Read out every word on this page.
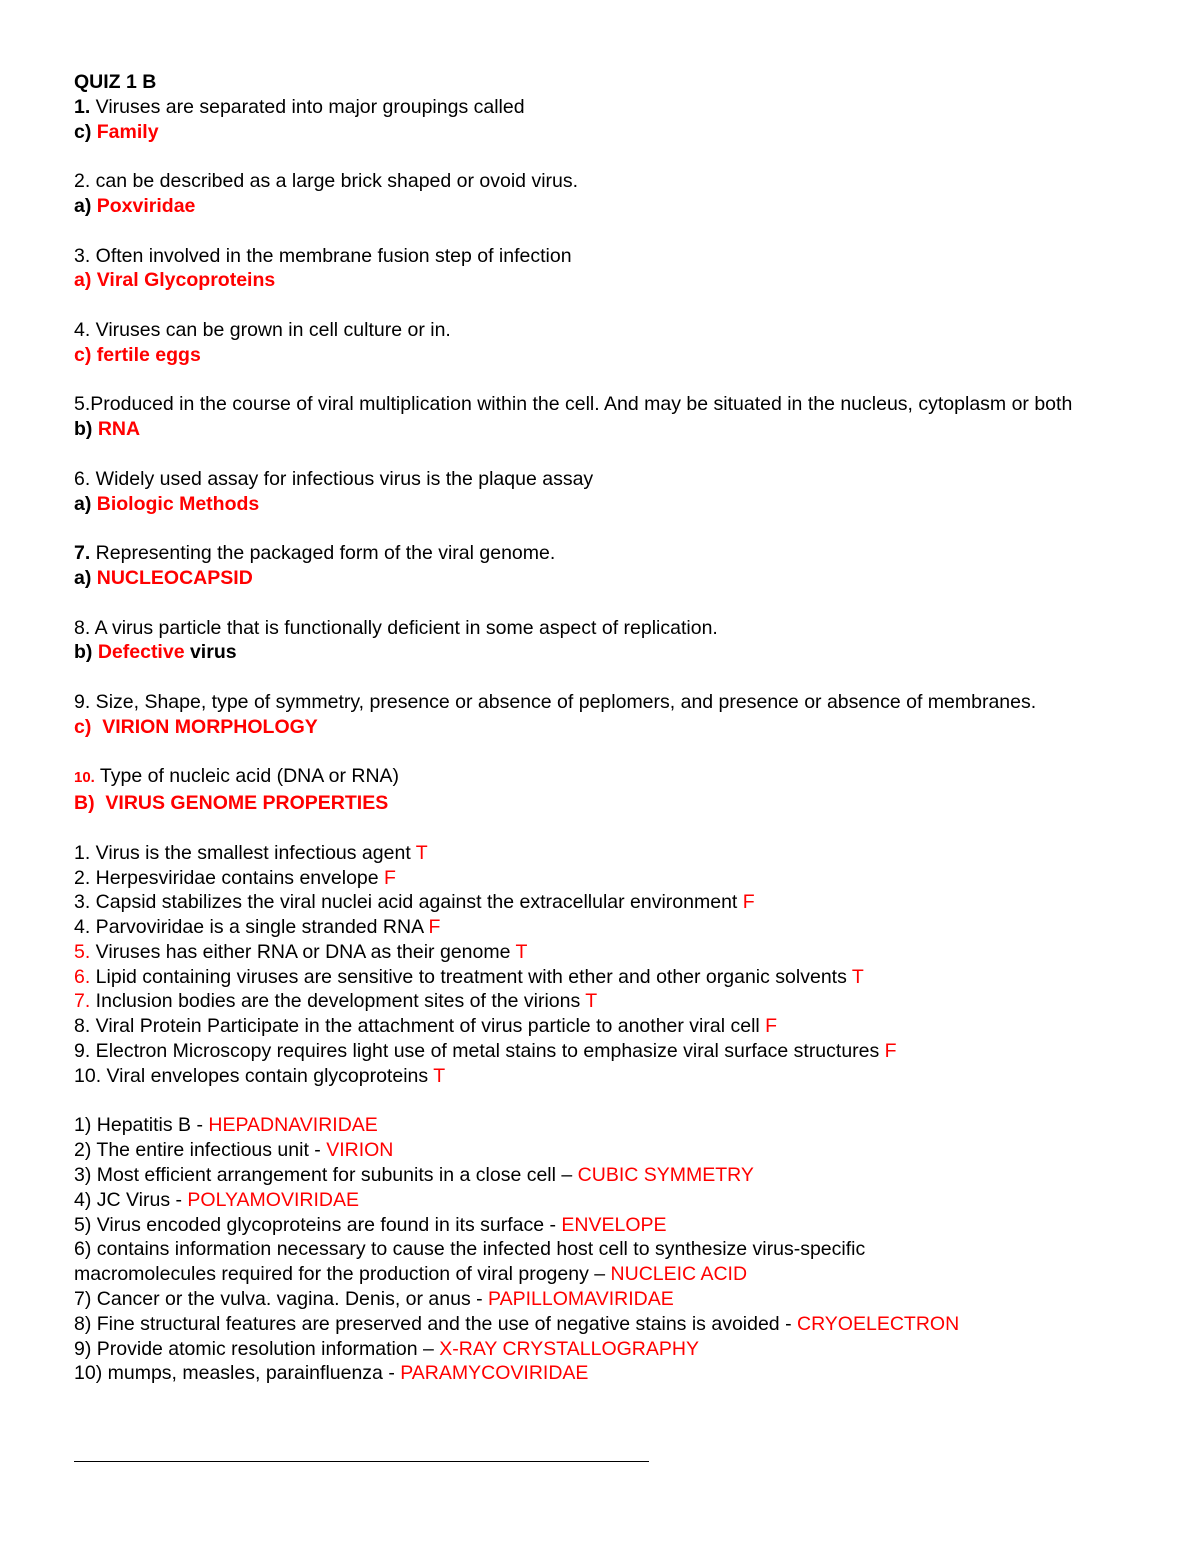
QUIZ 1 B
1. Viruses are separated into major groupings called
c) Family
2. can be described as a large brick shaped or ovoid virus.
a) Poxviridae
3. Often involved in the membrane fusion step of infection
a) Viral Glycoproteins
4. Viruses can be grown in cell culture or in.
c) fertile eggs
5.Produced in the course of viral multiplication within the cell. And may be situated in the nucleus, cytoplasm or both
b) RNA
6. Widely used assay for infectious virus is the plaque assay
a) Biologic Methods
7. Representing the packaged form of the viral genome.
a) NUCLEOCAPSID
8. A virus particle that is functionally deficient in some aspect of replication.
b) Defective virus
9. Size, Shape, type of symmetry, presence or absence of peplomers, and presence or absence of membranes.
c) VIRION MORPHOLOGY
10. Type of nucleic acid (DNA or RNA)
B) VIRUS GENOME PROPERTIES
1. Virus is the smallest infectious agent T
2. Herpesviridae contains envelope F
3. Capsid stabilizes the viral nuclei acid against the extracellular environment F
4. Parvoviridae is a single stranded RNA F
5. Viruses has either RNA or DNA as their genome T
6. Lipid containing viruses are sensitive to treatment with ether and other organic solvents T
7. Inclusion bodies are the development sites of the virions T
8. Viral Protein Participate in the attachment of virus particle to another viral cell F
9. Electron Microscopy requires light use of metal stains to emphasize viral surface structures F
10. Viral envelopes contain glycoproteins T
1) Hepatitis B - HEPADNAVIRIDAE
2) The entire infectious unit - VIRION
3) Most efficient arrangement for subunits in a close cell – CUBIC SYMMETRY
4) JC Virus - POLYAMOVIRIDAE
5) Virus encoded glycoproteins are found in its surface - ENVELOPE
6) contains information necessary to cause the infected host cell to synthesize virus-specific
macromolecules required for the production of viral progeny – NUCLEIC ACID
7) Cancer or the vulva. vagina. Denis, or anus - PAPILLOMAVIRIDAE
8) Fine structural features are preserved and the use of negative stains is avoided - CRYOELECTRON
9) Provide atomic resolution information – X-RAY CRYSTALLOGRAPHY
10) mumps, measles, parainfluenza - PARAMYCOVIRIDAE
